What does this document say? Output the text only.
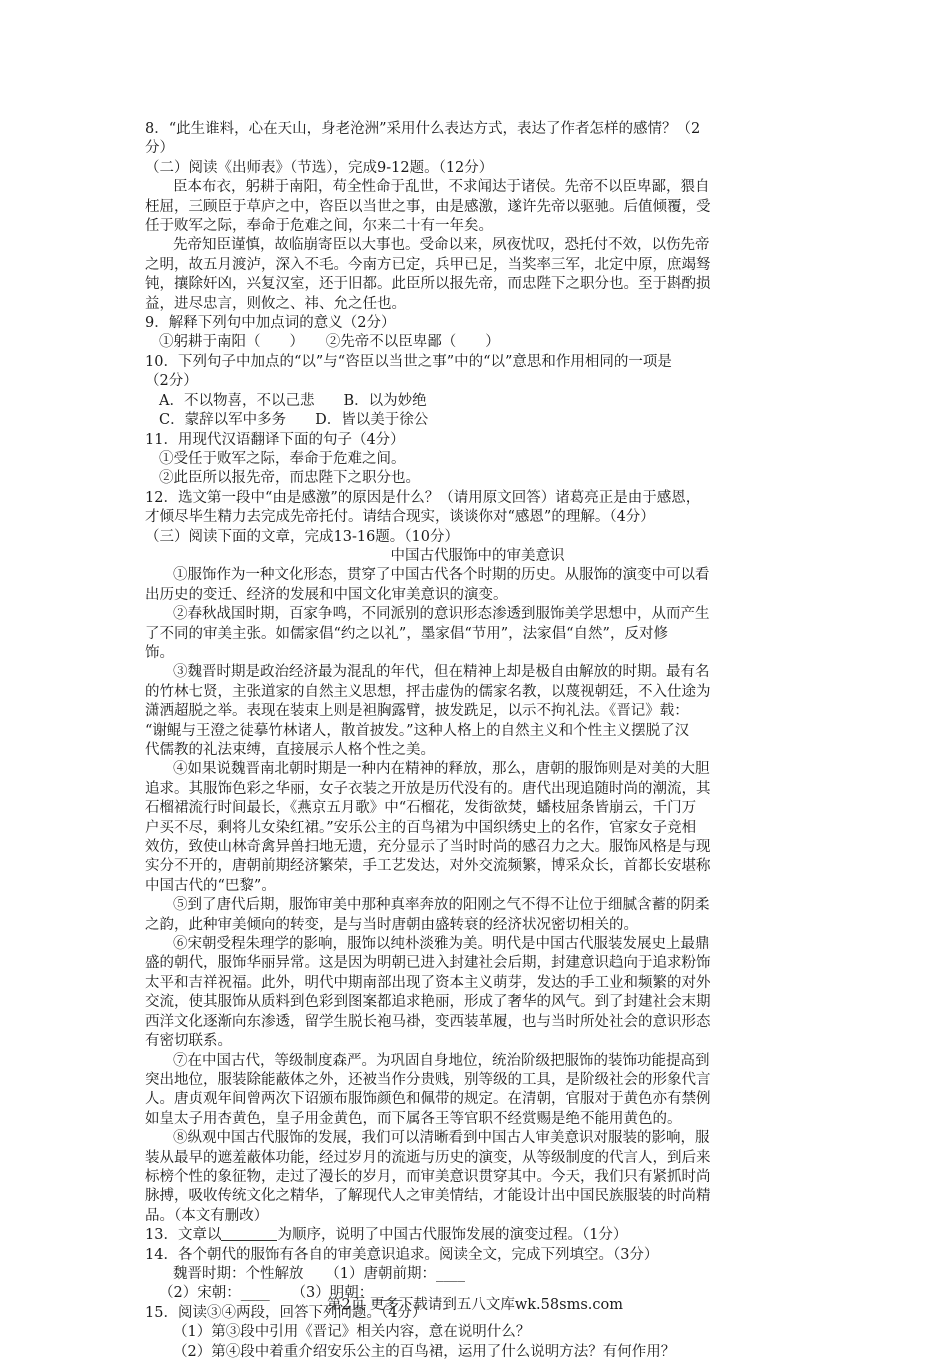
8．“此生谁料，心在天山，身老沧洲”采用什么表达方式，表达了作者怎样的感情？（2
分）
（二）阅读《出师表》（节选），完成9-12题。（12分）
臣本布衣，躬耕于南阳，苟全性命于乱世，不求闻达于诸侯。先帝不以臣卑鄙，猥自
枉屈，三顾臣于草庐之中，咨臣以当世之事，由是感激，遂许先帝以驱驰。后值倾覆，受
任于败军之际，奉命于危难之间，尔来二十有一年矣。
先帝知臣谨慎，故临崩寄臣以大事也。受命以来，夙夜忧叹，恐托付不效，以伤先帝
之明，故五月渡泸，深入不毛。今南方已定，兵甲已足，当奖率三军，北定中原，庶竭驽
钝，攘除奸凶，兴复汉室，还于旧都。此臣所以报先帝，而忠陛下之职分也。至于斟酌损
益，进尽忠言，则攸之、祎、允之任也。
9．解释下列句中加点词的意义（2分）
①躬耕于南阳（　　）　　②先帝不以臣卑鄙（　　）
10．下列句子中加点的“以”与“咨臣以当世之事”中的“以”意思和作用相同的一项是
（2分）
A．不以物喜，不以己悲　　B．以为妙绝
C．蒙辞以军中多务　　D．皆以美于徐公
11．用现代汉语翻译下面的句子（4分）
①受任于败军之际，奉命于危难之间。
②此臣所以报先帝，而忠陛下之职分也。
12．选文第一段中“由是感激”的原因是什么？（请用原文回答）诸葛亮正是由于感恩，
才倾尽毕生精力去完成先帝托付。请结合现实，谈谈你对“感恩”的理解。（4分）
（三）阅读下面的文章，完成13-16题。（10分）
中国古代服饰中的审美意识
①服饰作为一种文化形态，贯穿了中国古代各个时期的历史。从服饰的演变中可以看
出历史的变迁、经济的发展和中国文化审美意识的演变。
②春秋战国时期，百家争鸣，不同派别的意识形态渗透到服饰美学思想中，从而产生
了不同的审美主张。如儒家倡“约之以礼”，墨家倡“节用”，法家倡“自然”，反对修
饰。
③魏晋时期是政治经济最为混乱的年代，但在精神上却是极自由解放的时期。最有名
的竹林七贤，主张道家的自然主义思想，抨击虚伪的儒家名教，以蔑视朝廷，不入仕途为
潇洒超脱之举。表现在装束上则是袒胸露臂，披发跣足，以示不拘礼法。《晋记》载：
“谢鲲与王澄之徒摹竹林诸人，散首披发。”这种人格上的自然主义和个性主义摆脱了汉
代儒教的礼法束缚，直接展示人格个性之美。
④如果说魏晋南北朝时期是一种内在精神的释放，那么，唐朝的服饰则是对美的大胆
追求。其服饰色彩之华丽，女子衣装之开放是历代没有的。唐代出现追随时尚的潮流，其
石榴裙流行时间最长，《燕京五月歌》中“石榴花，发街欲焚，蟠枝屈条皆崩云，千门万
户买不尽，剩将儿女染红裙。”安乐公主的百鸟裙为中国织绣史上的名作，官家女子竞相
效仿，致使山林奇禽异兽扫地无遗，充分显示了当时时尚的感召力之大。服饰风格是与现
实分不开的，唐朝前期经济繁荣，手工艺发达，对外交流频繁，博采众长，首都长安堪称
中国古代的“巴黎”。
⑤到了唐代后期，服饰审美中那种真率奔放的阳刚之气不得不让位于细腻含蓄的阴柔
之韵，此种审美倾向的转变，是与当时唐朝由盛转衰的经济状况密切相关的。
⑥宋朝受程朱理学的影响，服饰以纯朴淡雅为美。明代是中国古代服装发展史上最鼎
盛的朝代，服饰华丽异常。这是因为明朝已进入封建社会后期，封建意识趋向于追求粉饰
太平和吉祥祝福。此外，明代中期南部出现了资本主义萌芽，发达的手工业和频繁的对外
交流，使其服饰从质料到色彩到图案都追求艳丽，形成了奢华的风气。到了封建社会末期
西洋文化逐渐向东渗透，留学生脱长袍马褂，变西装革履，也与当时所处社会的意识形态
有密切联系。
⑦在中国古代，等级制度森严。为巩固自身地位，统治阶级把服饰的装饰功能提高到
突出地位，服装除能蔽体之外，还被当作分贵贱，别等级的工具，是阶级社会的形象代言
人。唐贞观年间曾两次下诏颁布服饰颜色和佩带的规定。在清朝，官服对于黄色亦有禁例
如皇太子用杏黄色，皇子用金黄色，而下属各王等官职不经赏赐是绝不能用黄色的。
⑧纵观中国古代服饰的发展，我们可以清晰看到中国古人审美意识对服装的影响，服
装从最早的遮羞蔽体功能，经过岁月的流逝与历史的演变，从等级制度的代言人，到后来
标榜个性的象征物，走过了漫长的岁月，而审美意识贯穿其中。今天，我们只有紧抓时尚
脉搏，吸收传统文化之精华，了解现代人之审美情结，才能设计出中国民族服装的时尚精
品。（本文有删改）
13．文章以	为顺序，说明了中国古代服饰发展的演变过程。（1分）
14．各个朝代的服饰有各自的审美意识追求。阅读全文，完成下列填空。（3分）
魏晋时期：个性解放　　（1）唐朝前期：____
（2）宋朝：____　　（3）明朝：____
15．阅读③④两段，回答下列问题。（4分）
（1）第③段中引用《晋记》相关内容，意在说明什么？
（2）第④段中着重介绍安乐公主的百鸟裙，运用了什么说明方法？有何作用？
第2页 更多下载请到五八文库wk.58sms.com
